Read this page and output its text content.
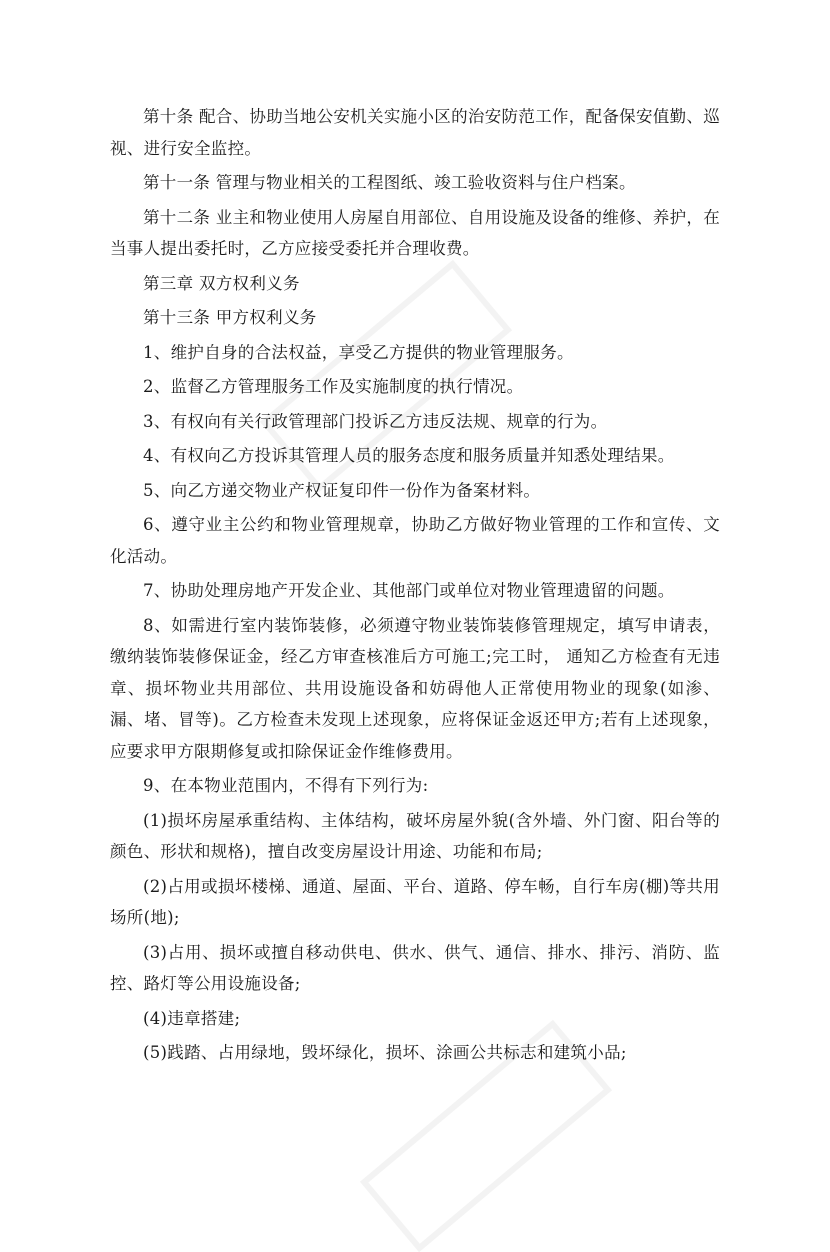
第十条 配合、协助当地公安机关实施小区的治安防范工作，配备保安值勤、巡视、进行安全监控。

第十一条 管理与物业相关的工程图纸、竣工验收资料与住户档案。

第十二条 业主和物业使用人房屋自用部位、自用设施及设备的维修、养护，在当事人提出委托时，乙方应接受委托并合理收费。

第三章 双方权利义务

第十三条 甲方权利义务

1、维护自身的合法权益，享受乙方提供的物业管理服务。

2、监督乙方管理服务工作及实施制度的执行情况。

3、有权向有关行政管理部门投诉乙方违反法规、规章的行为。

4、有权向乙方投诉其管理人员的服务态度和服务质量并知悉处理结果。

5、向乙方递交物业产权证复印件一份作为备案材料。

6、遵守业主公约和物业管理规章，协助乙方做好物业管理的工作和宣传、文化活动。

7、协助处理房地产开发企业、其他部门或单位对物业管理遗留的问题。

8、如需进行室内装饰装修，必须遵守物业装饰装修管理规定，填写申请表，缴纳装饰装修保证金，经乙方审查核准后方可施工;完工时， 通知乙方检查有无违章、损坏物业共用部位、共用设施设备和妨碍他人正常使用物业的现象(如渗、漏、堵、冒等)。乙方检查未发现上述现象，应将保证金返还甲方;若有上述现象， 应要求甲方限期修复或扣除保证金作维修费用。

9、在本物业范围内，不得有下列行为:

(1)损坏房屋承重结构、主体结构，破坏房屋外貌(含外墙、外门窗、阳台等的颜色、形状和规格)，擅自改变房屋设计用途、功能和布局;

(2)占用或损坏楼梯、通道、屋面、平台、道路、停车畅，自行车房(棚)等共用场所(地);

(3)占用、损坏或擅自移动供电、供水、供气、通信、排水、排污、消防、监控、路灯等公用设施设备;

(4)违章搭建;

(5)践踏、占用绿地，毁坏绿化，损坏、涂画公共标志和建筑小品;
